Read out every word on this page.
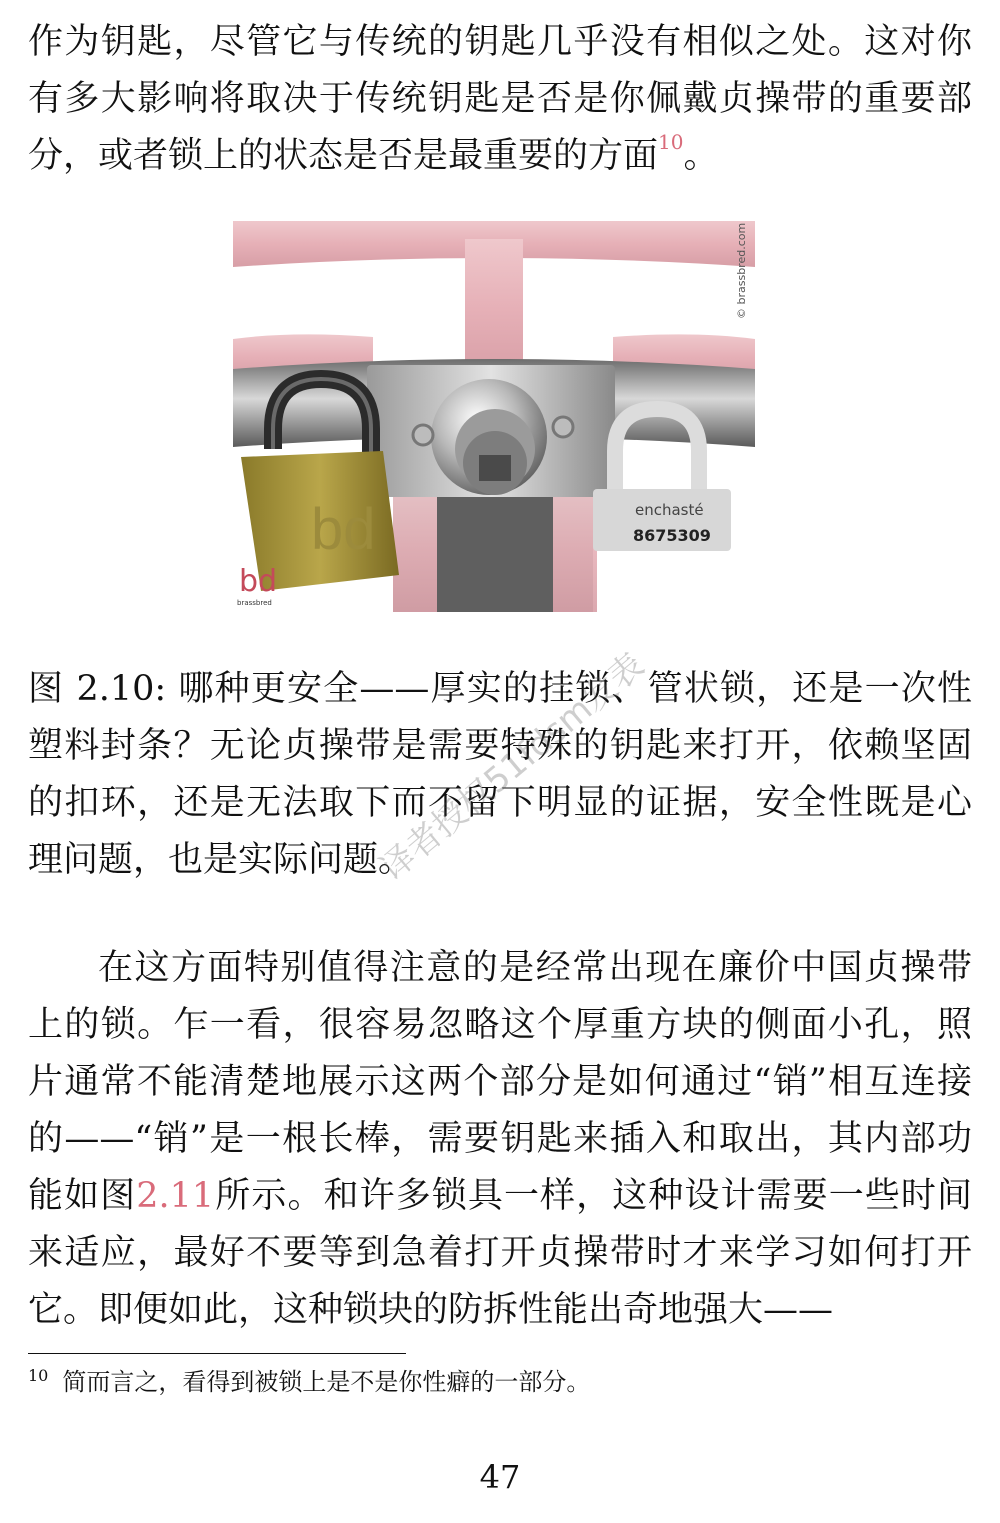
作为钥匙，尽管它与传统的钥匙几乎没有相似之处。这对你有多大影响将取决于传统钥匙是否是你佩戴贞操带的重要部分，或者锁上的状态是否是最重要的方面$^{10}$。

bd	enchasté
8675309
© brassbred.com
bd
brassbred

图 2.10: 哪种更安全——厚实的挂锁、管状锁，还是一次性塑料封条？无论贞操带是需要特殊的钥匙来打开，依赖坚固的扣环，还是无法取下而不留下明显的证据，安全性既是心理问题，也是实际问题。

译者授权51fdsm发表

在这方面特别值得注意的是经常出现在廉价中国贞操带上的锁。乍一看，很容易忽略这个厚重方块的侧面小孔，照片通常不能清楚地展示这两个部分是如何通过“销”相互连接的——“销”是一根长棒，需要钥匙来插入和取出，其内部功能如图2.11所示。和许多锁具一样，这种设计需要一些时间来适应，最好不要等到急着打开贞操带时才来学习如何打开它。即便如此，这种锁块的防拆性能出奇地强大——

$^{10}$ 简而言之，看得到被锁上是不是你性癖的一部分。

47
